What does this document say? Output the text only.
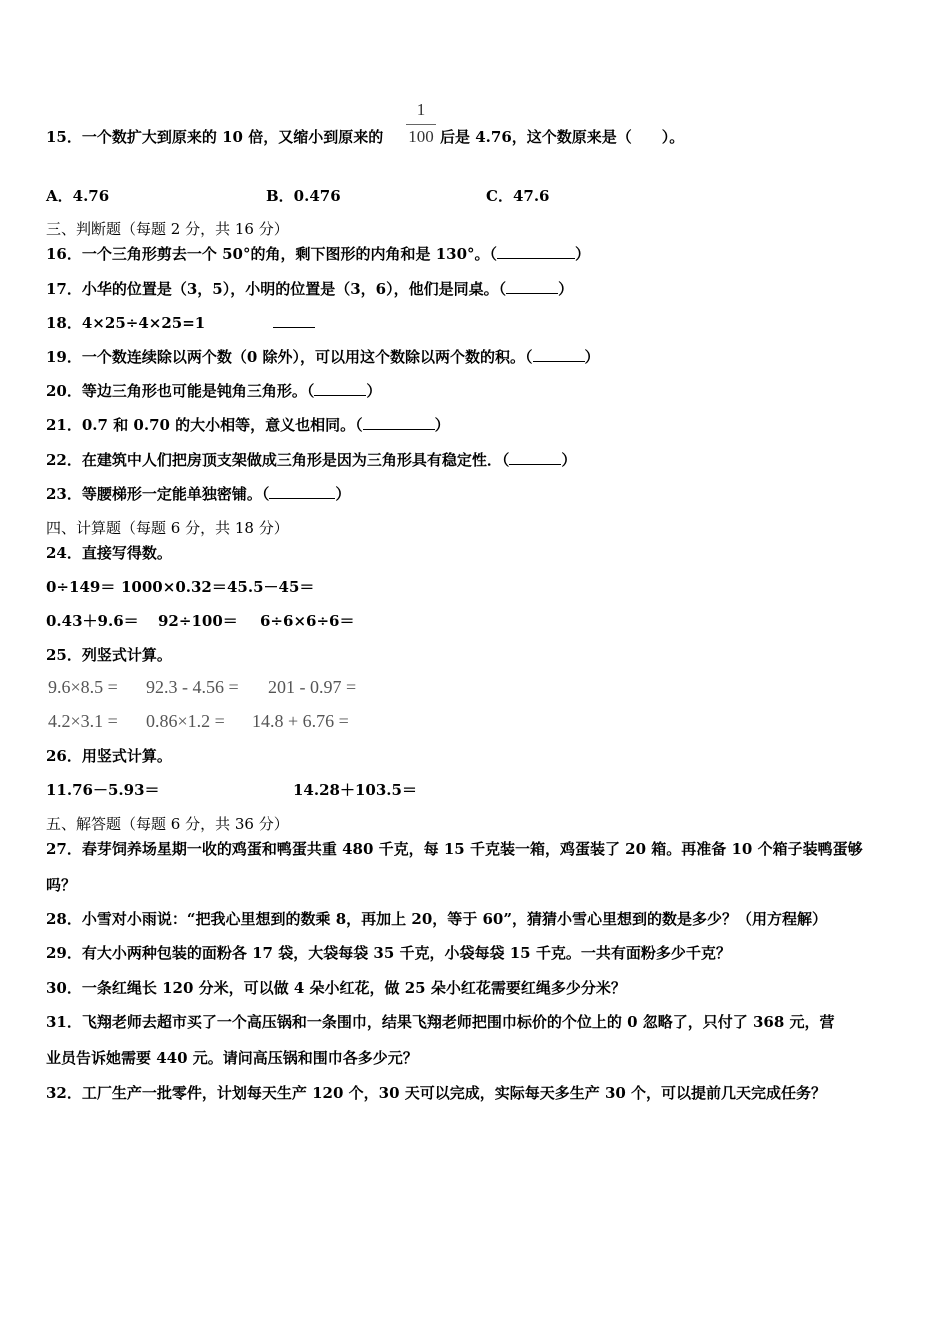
1
100
15．一个数扩大到原来的 10 倍，又缩小到原来的	后是 4.76，这个数原来是（　　）。
A．4.76	B．0.476	C．47.6
三、判断题（每题 2 分，共 16 分）
16．一个三角形剪去一个 50°的角，剩下图形的内角和是 130°。（	）
17．小华的位置是（3，5），小明的位置是（3，6），他们是同桌。（	）
18．4×25÷4×25=1
19．一个数连续除以两个数（0 除外），可以用这个数除以两个数的积。（	）
20．等边三角形也可能是钝角三角形。（	）
21．0.7 和 0.70 的大小相等，意义也相同。（	）
22．在建筑中人们把房顶支架做成三角形是因为三角形具有稳定性．（	）
23．等腰梯形一定能单独密铺。（	）
四、计算题（每题 6 分，共 18 分）
24．直接写得数。
0÷149＝ 1000×0.32＝ 45.5－45＝
0.43＋9.6＝ 92÷100＝ 6÷6×6÷6＝
25．列竖式计算。
9.6×8.5 = 92.3 - 4.56 = 201 - 0.97 =
4.2×3.1 = 0.86×1.2 = 14.8 + 6.76 =
26．用竖式计算。
11.76－5.93＝	14.28＋103.5＝
五、解答题（每题 6 分，共 36 分）
27．春芽饲养场星期一收的鸡蛋和鸭蛋共重 480 千克，每 15 千克装一箱，鸡蛋装了 20 箱。再准备 10 个箱子装鸭蛋够
吗？
28．小雪对小雨说：“把我心里想到的数乘 8，再加上 20，等于 60”，猜猜小雪心里想到的数是多少？（用方程解）
29．有大小两种包装的面粉各 17 袋，大袋每袋 35 千克，小袋每袋 15 千克。一共有面粉多少千克？
30．一条红绳长 120 分米，可以做 4 朵小红花，做 25 朵小红花需要红绳多少分米？
31．飞翔老师去超市买了一个高压锅和一条围巾，结果飞翔老师把围巾标价的个位上的 0 忽略了，只付了 368 元，营
业员告诉她需要 440 元。请问高压锅和围巾各多少元？
32．工厂生产一批零件，计划每天生产 120 个，30 天可以完成，实际每天多生产 30 个，可以提前几天完成任务？
